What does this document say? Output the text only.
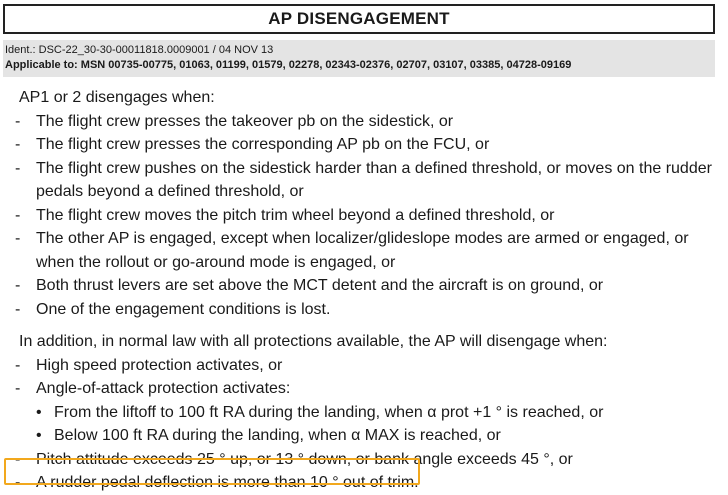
AP DISENGAGEMENT
Ident.: DSC-22_30-30-00011818.0009001 / 04 NOV 13
Applicable to: MSN 00735-00775, 01063, 01199, 01579, 02278, 02343-02376, 02707, 03107, 03385, 04728-09169
AP1 or 2 disengages when:
- The flight crew presses the takeover pb on the sidestick, or
- The flight crew presses the corresponding AP pb on the FCU, or
- The flight crew pushes on the sidestick harder than a defined threshold, or moves on the rudder pedals beyond a defined threshold, or
- The flight crew moves the pitch trim wheel beyond a defined threshold, or
- The other AP is engaged, except when localizer/glideslope modes are armed or engaged, or when the rollout or go-around mode is engaged, or
- Both thrust levers are set above the MCT detent and the aircraft is on ground, or
- One of the engagement conditions is lost.
In addition, in normal law with all protections available, the AP will disengage when:
- High speed protection activates, or
- Angle-of-attack protection activates:
• From the liftoff to 100 ft RA during the landing, when α prot +1 ° is reached, or
• Below 100 ft RA during the landing, when α MAX is reached, or
- Pitch attitude exceeds 25 ° up, or 13 ° down, or bank angle exceeds 45 °, or
- A rudder pedal deflection is more than 10 ° out of trim.
